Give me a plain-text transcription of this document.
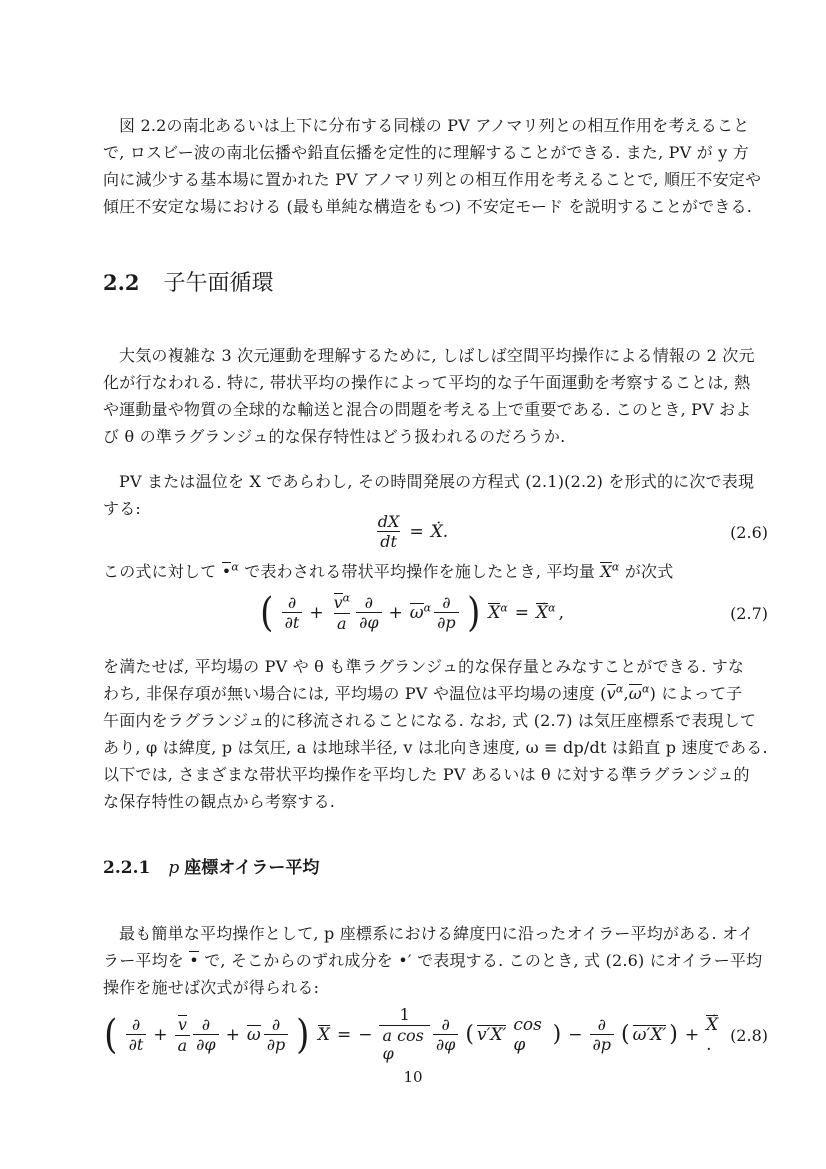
図 2.2の南北あるいは上下に分布する同様の PV アノマリ列との相互作用を考えること
で, ロスビー波の南北伝播や鉛直伝播を定性的に理解することができる. また, PV が y 方
向に減少する基本場に置かれた PV アノマリ列との相互作用を考えることで, 順圧不安定や
傾圧不安定な場における (最も単純な構造をもつ) 不安定モード を説明することができる.
2.2 子午面循環
大気の複雑な 3 次元運動を理解するために, しばしば空間平均操作による情報の 2 次元
化が行なわれる. 特に, 帯状平均の操作によって平均的な子午面運動を考察することは, 熱
や運動量や物質の全球的な輸送と混合の問題を考える上で重要である. このとき, PV およ
び θ の準ラグランジュ的な保存特性はどう扱われるのだろうか.
PV または温位を X であらわし, その時間発展の方程式 (2.1)(2.2) を形式的に次で表現
する:
$\frac{dX}{dt}$ = Ẋ.	(2.6)
この式に対して •$^\alpha$ で表わされる帯状平均操作を施したとき, 平均量 $X^\alpha$ が次式
( $\frac{\partial}{\partial t} + \frac{v^\alpha}{a} \frac{\partial}{\partial\varphi} + \omega^\alpha \frac{\partial}{\partial p}$ ) $X^\alpha$ = Ẋ$^\alpha$ ,	(2.7)
を満たせば, 平均場の PV や θ も準ラグランジュ的な保存量とみなすことができる. すな
わち, 非保存項が無い場合には, 平均場の PV や温位は平均場の速度 $(v^\alpha,\omega^\alpha)$ によって子
午面内をラグランジュ的に移流されることになる. なお, 式 (2.7) は気圧座標系で表現して
あり, φ は緯度, p は気圧, a は地球半径, v は北向き速度, ω ≡ dp/dt は鉛直 p 速度である.
以下では, さまざまな帯状平均操作を平均した PV あるいは θ に対する準ラグランジュ的
な保存特性の観点から考察する.
2.2.1 p 座標オイラー平均
最も簡単な平均操作として, p 座標系における緯度円に沿ったオイラー平均がある. オイ
ラー平均を • で, そこからのずれ成分を •′ で表現する. このとき, 式 (2.6) にオイラー平均
操作を施せば次式が得られる:
( $\frac{\partial}{\partial t} + \frac{v}{a} \frac{\partial}{\partial\varphi} + \omega \frac{\partial}{\partial p}$ ) X = − $\frac{1}{\text{a cos φ}} \frac{\partial}{\partial\varphi}$ ( v′X′
cos φ	) − $\frac{\partial}{\partial p}$ ( ω′X′ ) + Ẋ.	(2.8)
10
